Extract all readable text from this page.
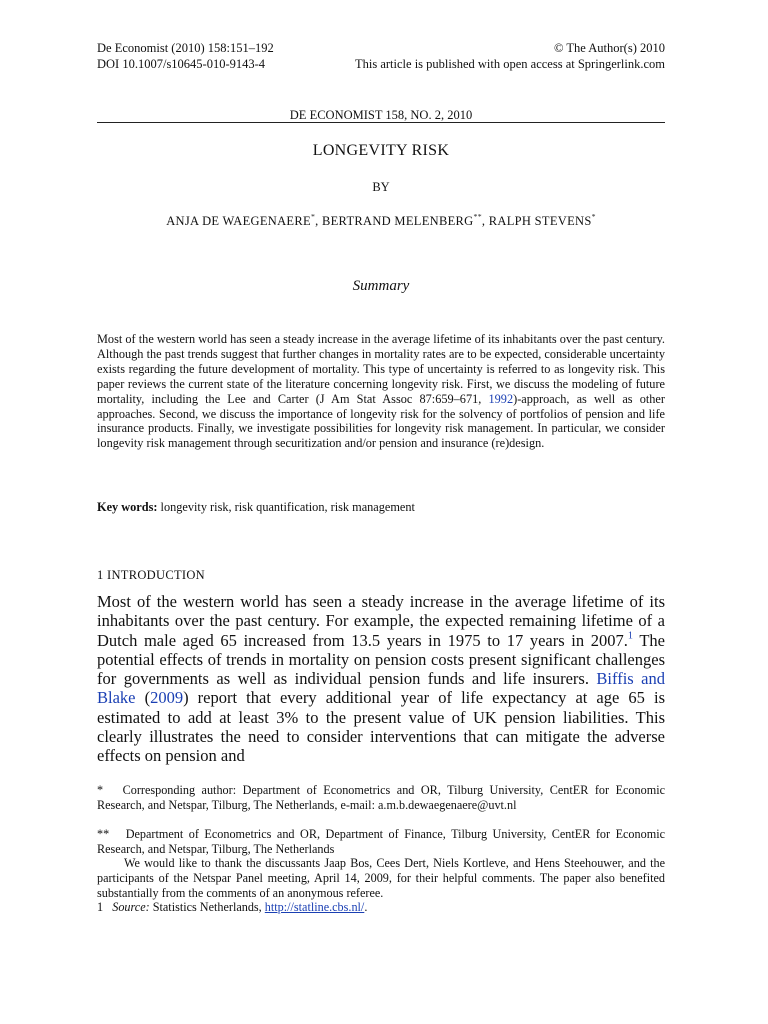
De Economist (2010) 158:151–192	© The Author(s) 2010
DOI 10.1007/s10645-010-9143-4	This article is published with open access at Springerlink.com
DE ECONOMIST 158, NO. 2, 2010
LONGEVITY RISK
BY
ANJA DE WAEGENAERE*, BERTRAND MELENBERG**, RALPH STEVENS*
Summary
Most of the western world has seen a steady increase in the average lifetime of its inhabitants over the past century. Although the past trends suggest that further changes in mortality rates are to be expected, considerable uncertainty exists regarding the future development of mortality. This type of uncertainty is referred to as longevity risk. This paper reviews the current state of the literature concerning longevity risk. First, we discuss the modeling of future mortality, including the Lee and Carter (J Am Stat Assoc 87:659–671, 1992)-approach, as well as other approaches. Second, we discuss the importance of longevity risk for the solvency of portfolios of pension and life insurance products. Finally, we investigate possibilities for longevity risk management. In particular, we consider longevity risk management through securitization and/or pension and insurance (re)design.
Key words: longevity risk, risk quantification, risk management
1 INTRODUCTION
Most of the western world has seen a steady increase in the average lifetime of its inhabitants over the past century. For example, the expected remaining lifetime of a Dutch male aged 65 increased from 13.5 years in 1975 to 17 years in 2007.$^1$ The potential effects of trends in mortality on pension costs present significant challenges for governments as well as individual pension funds and life insurers. Biffis and Blake (2009) report that every additional year of life expectancy at age 65 is estimated to add at least 3% to the present value of UK pension liabilities. This clearly illustrates the need to consider interventions that can mitigate the adverse effects on pension and
* Corresponding author: Department of Econometrics and OR, Tilburg University, CentER for Economic Research, and Netspar, Tilburg, The Netherlands, e-mail: a.m.b.dewaegenaere@uvt.nl
** Department of Econometrics and OR, Department of Finance, Tilburg University, CentER for Economic Research, and Netspar, Tilburg, The Netherlands
We would like to thank the discussants Jaap Bos, Cees Dert, Niels Kortleve, and Hens Steehouwer, and the participants of the Netspar Panel meeting, April 14, 2009, for their helpful comments. The paper also benefited substantially from the comments of an anonymous referee.
1 Source: Statistics Netherlands, http://statline.cbs.nl/.
